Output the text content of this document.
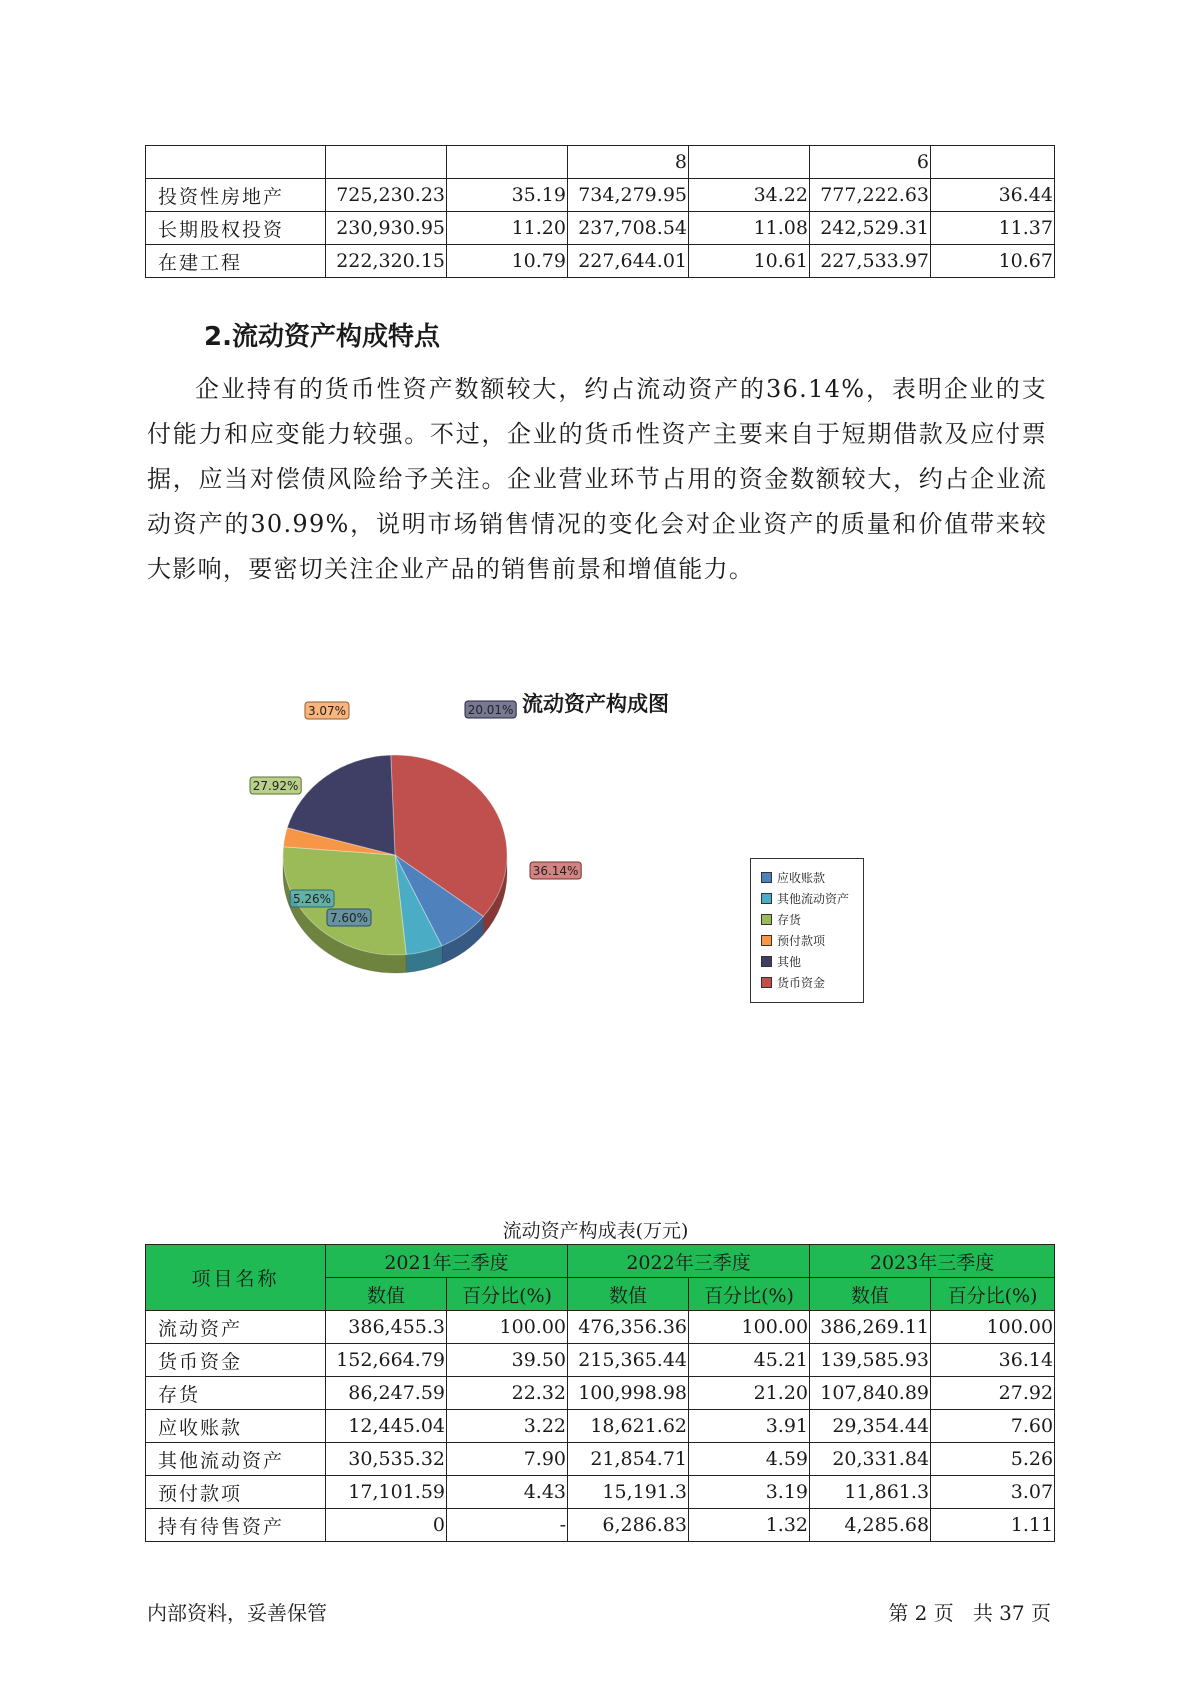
			8		6	
投资性房地产	725,230.23	35.19	734,279.95	34.22	777,222.63	36.44
长期股权投资	230,930.95	11.20	237,708.54	11.08	242,529.31	11.37
在建工程	222,320.15	10.79	227,644.01	10.61	227,533.97	10.67
2.流动资产构成特点

企业持有的货币性资产数额较大，约占流动资产的36.14%，表明企业的支付能力和应变能力较强。不过，企业的货币性资产主要来自于短期借款及应付票据，应当对偿债风险给予关注。企业营业环节占用的资金数额较大，约占企业流动资产的30.99%，说明市场销售情况的变化会对企业资产的质量和价值带来较大影响，要密切关注企业产品的销售前景和增值能力。

流动资产构成图
7.60%
5.26%
27.92%
3.07%	20.01%
36.14%	应收账款
其他流动资产
存货
预付款项
其他
货币资金
流动资产构成表(万元)
项目名称	2021年三季度		2022年三季度		2023年三季度	
	数值	百分比(%)	数值	百分比(%)	数值	百分比(%)
流动资产	386,455.3	100.00	476,356.36	100.00	386,269.11	100.00
货币资金	152,664.79	39.50	215,365.44	45.21	139,585.93	36.14
存货	86,247.59	22.32	100,998.98	21.20	107,840.89	27.92
应收账款	12,445.04	3.22	18,621.62	3.91	29,354.44	7.60
其他流动资产	30,535.32	7.90	21,854.71	4.59	20,331.84	5.26
预付款项	17,101.59	4.43	15,191.3	3.19	11,861.3	3.07
持有待售资产	0	-	6,286.83	1.32	4,285.68	1.11
内部资料，妥善保管	第 2 页   共 37 页
